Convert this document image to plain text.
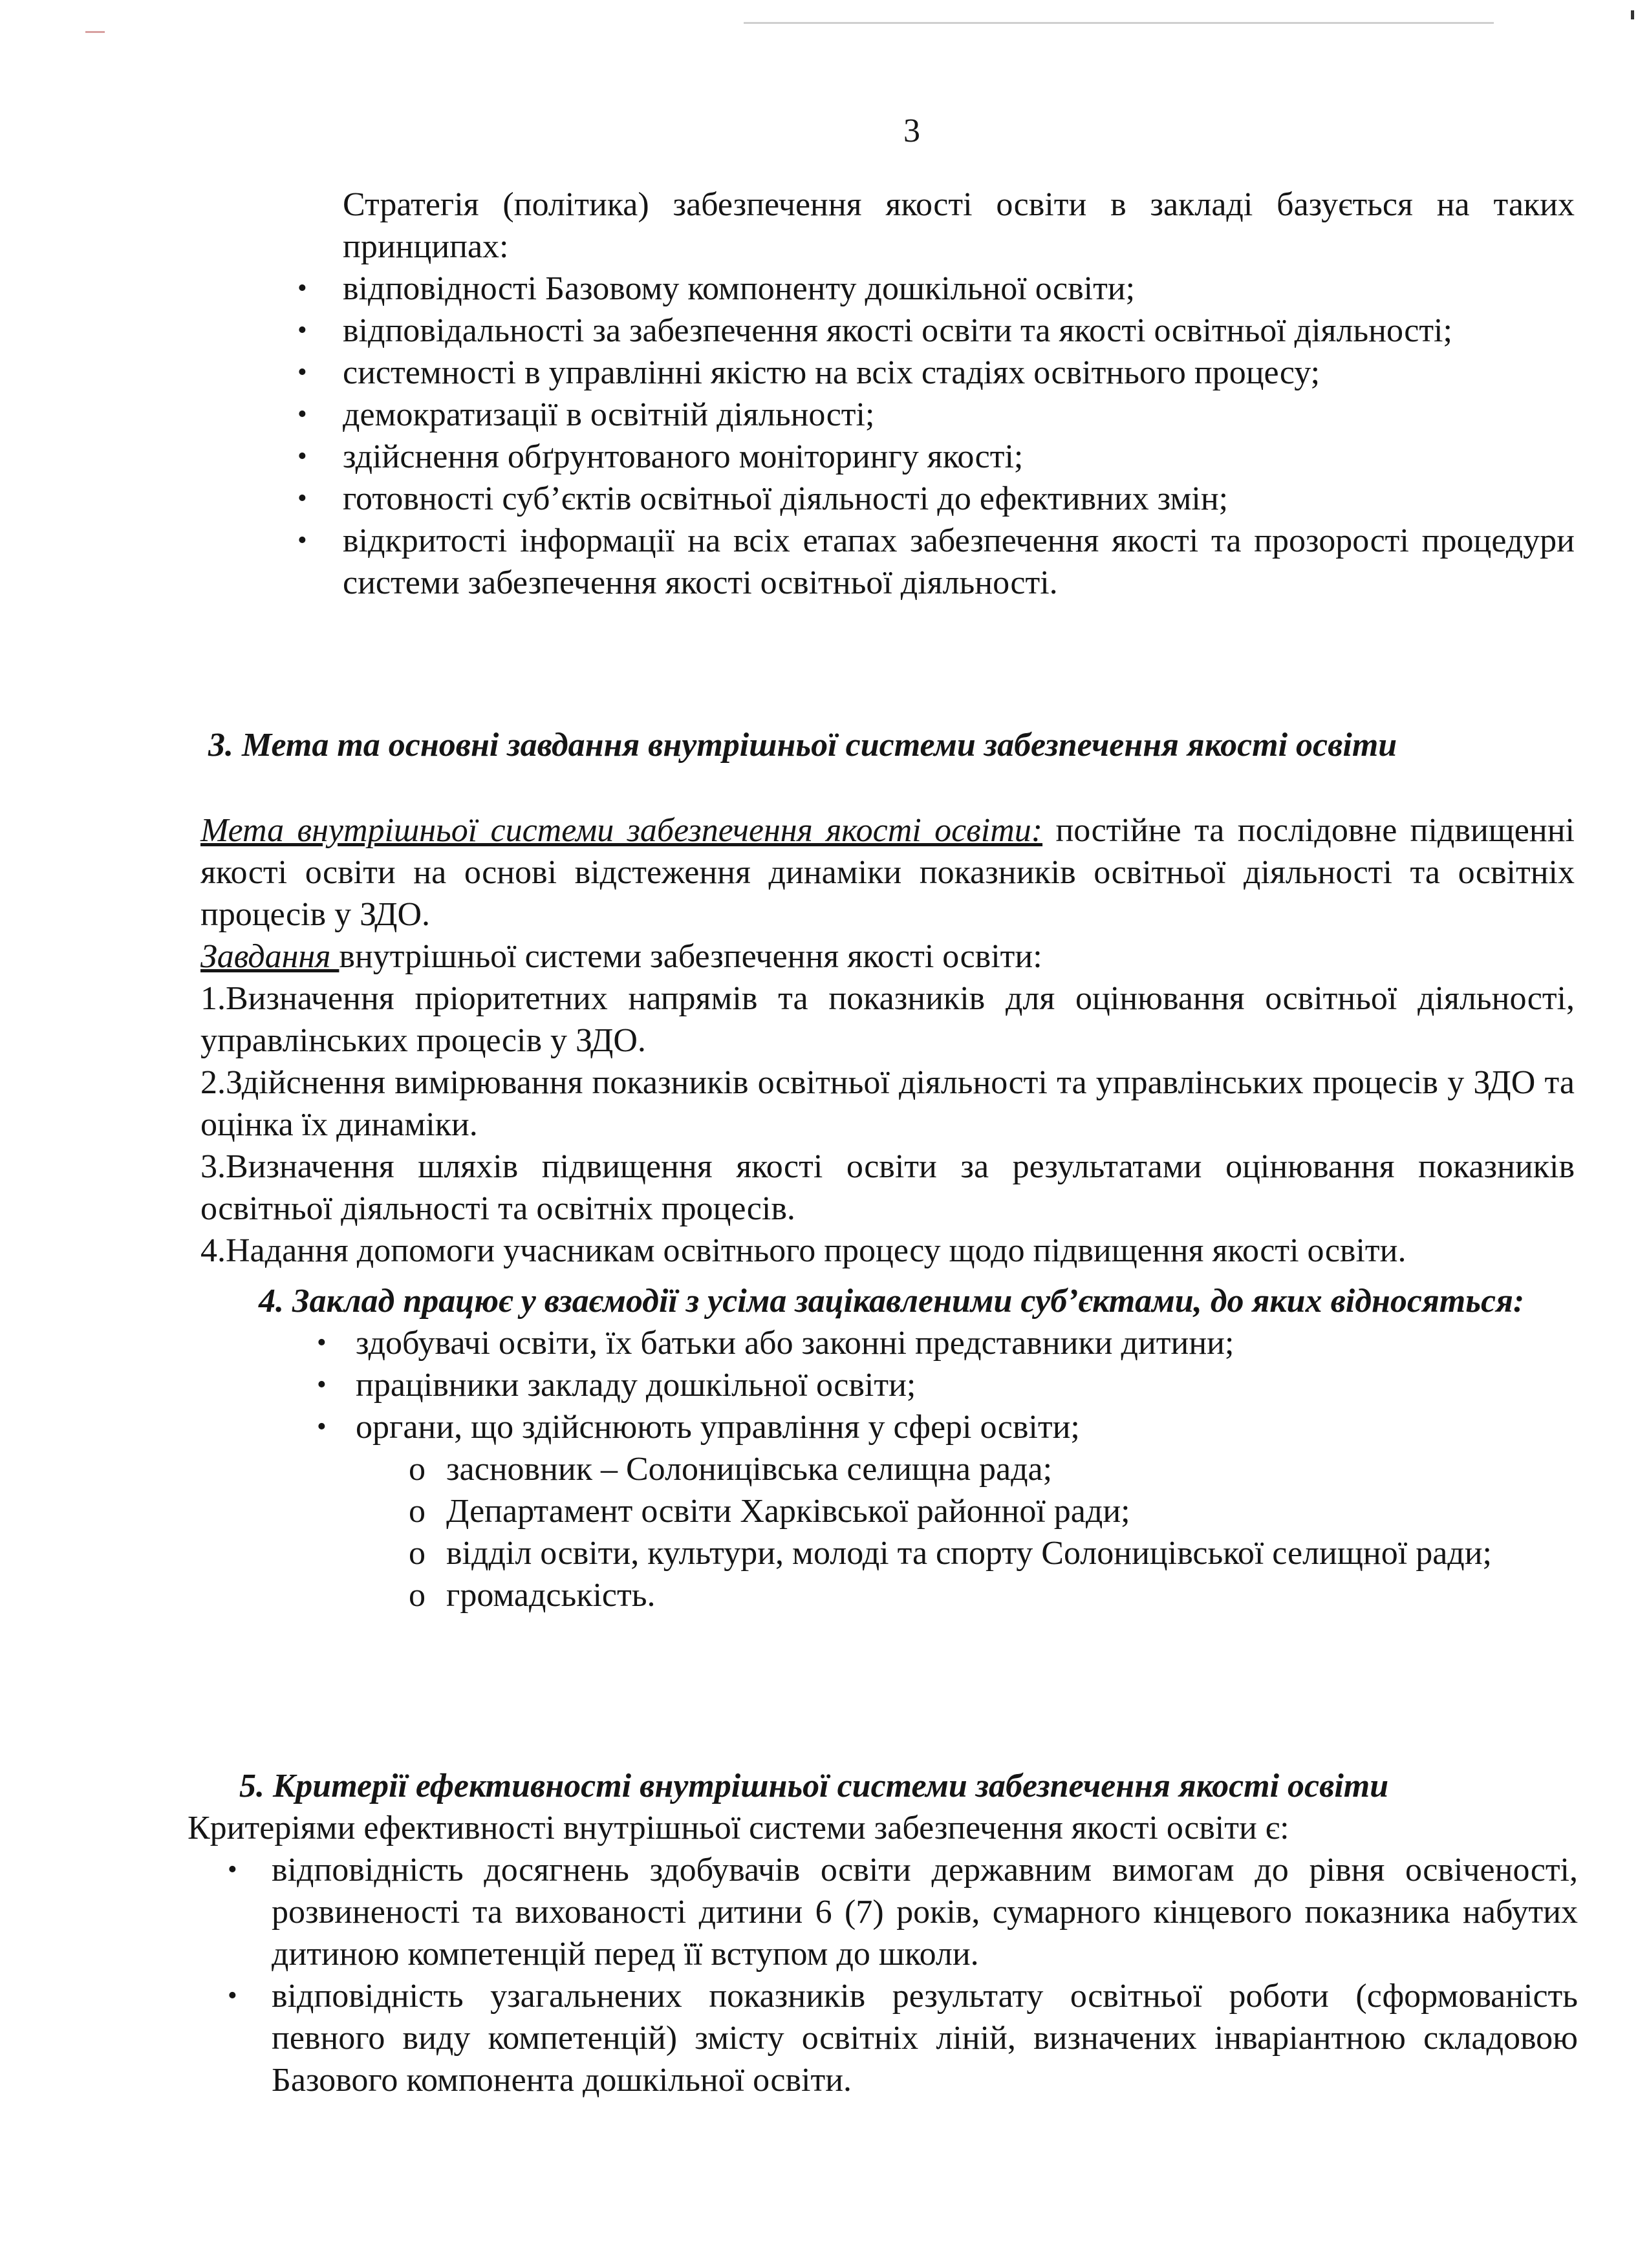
3

Стратегія (політика) забезпечення якості освіти в закладі базується на таких принципах:

• відповідності Базовому компоненту дошкільної освіти;
• відповідальності за забезпечення якості освіти та якості освітньої діяльності;
• системності в управлінні якістю на всіх стадіях освітнього процесу;
• демократизації в освітній діяльності;
• здійснення обґрунтованого моніторингу якості;
• готовності суб’єктів освітньої діяльності до ефективних змін;
• відкритості інформації на всіх етапах забезпечення якості та прозорості процедури системи забезпечення якості освітньої діяльності.

3. Мета та основні завдання внутрішньої системи забезпечення якості освіти

Мета внутрішньої системи забезпечення якості освіти: постійне та послідовне підвищенні якості освіти на основі відстеження динаміки показників освітньої діяльності та освітніх процесів у ЗДО.

Завдання внутрішньої системи забезпечення якості освіти:

1.Визначення пріоритетних напрямів та показників для оцінювання освітньої діяльності, управлінських процесів у ЗДО.

2.Здійснення вимірювання показників освітньої діяльності та управлінських процесів у ЗДО та оцінка їх динаміки.

3.Визначення шляхів підвищення якості освіти за результатами оцінювання показників освітньої діяльності та освітніх процесів.

4.Надання допомоги учасникам освітнього процесу щодо підвищення якості освіти.

4. Заклад працює у взаємодії з усіма зацікавленими суб’єктами, до яких відносяться:

• здобувачі освіти, їх батьки або законні представники дитини;
• працівники закладу дошкільної освіти;
• органи, що здійснюють управління у сфері освіти;
о засновник – Солоницівська селищна рада;
о Департамент освіти Харківської районної ради;
о відділ освіти, культури, молоді та спорту Солоницівської селищної ради;
о громадськість.

5. Критерії ефективності внутрішньої системи забезпечення якості освіти

Критеріями ефективності внутрішньої системи забезпечення якості освіти є:

• відповідність досягнень здобувачів освіти державним вимогам до рівня освіченості, розвиненості та вихованості дитини 6 (7) років, сумарного кінцевого показника набутих дитиною компетенцій перед її вступом до школи.
• відповідність узагальнених показників результату освітньої роботи (сформованість певного виду компетенцій) змісту освітніх ліній, визначених інваріантною складовою Базового компонента дошкільної освіти.
